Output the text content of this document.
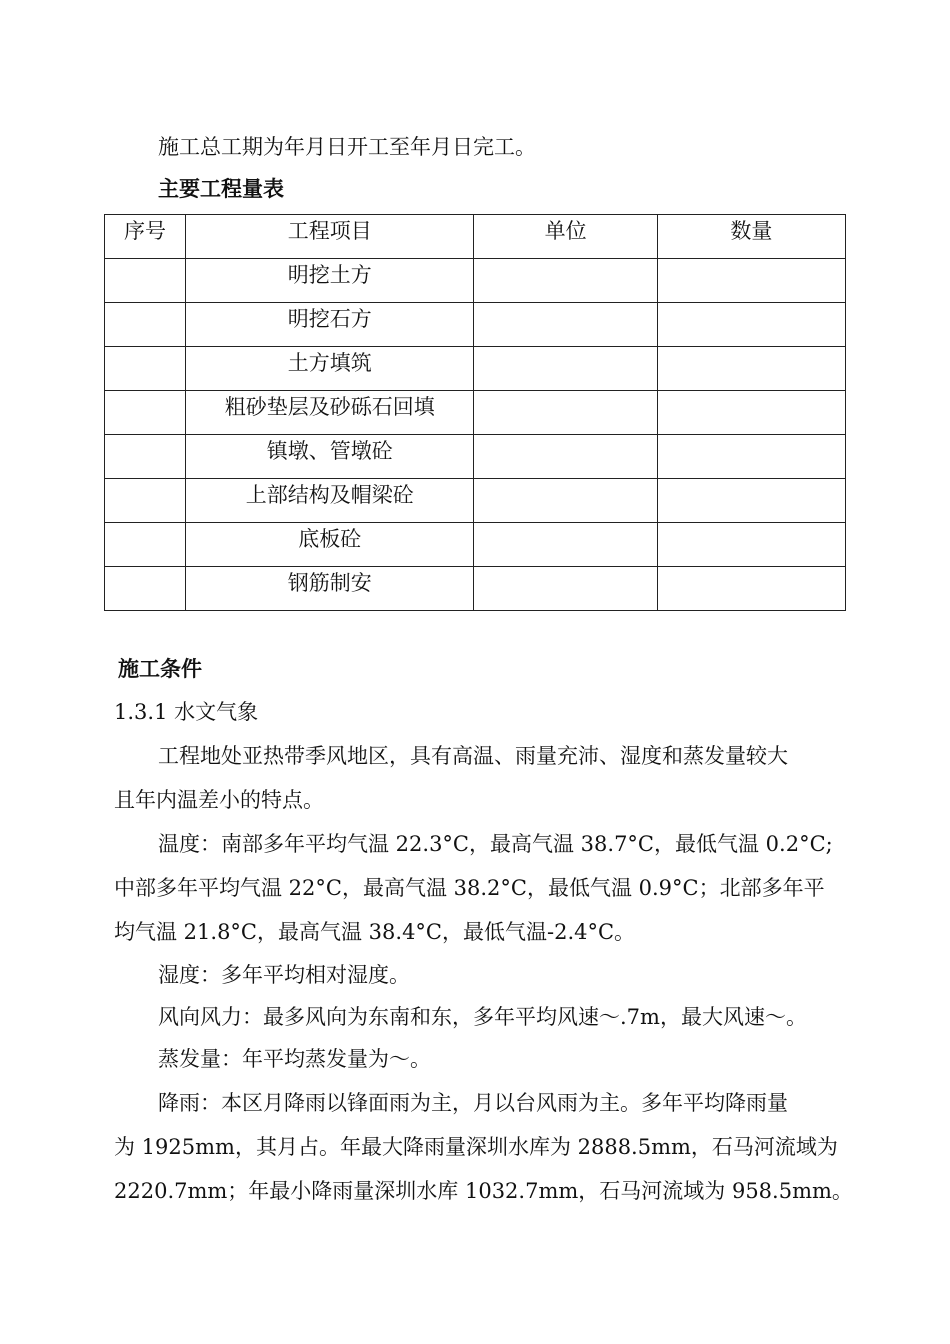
施工总工期为年月日开工至年月日完工。
主要工程量表
序号	工程项目	单位	数量
	明挖土方		
	明挖石方		
	土方填筑		
	粗砂垫层及砂砾石回填		
	镇墩、管墩砼		
	上部结构及帽梁砼		
	底板砼		
	钢筋制安		
施工条件
1.3.1 水文气象
工程地处亚热带季风地区，具有高温、雨量充沛、湿度和蒸发量较大
且年内温差小的特点。
温度：南部多年平均气温 22.3°C，最高气温 38.7°C，最低气温 0.2°C;
中部多年平均气温 22°C，最高气温 38.2°C，最低气温 0.9°C；北部多年平
均气温 21.8°C，最高气温 38.4°C，最低气温-2.4°C。
湿度：多年平均相对湿度。
风向风力：最多风向为东南和东，多年平均风速～.7m，最大风速～。
蒸发量：年平均蒸发量为～。
降雨：本区月降雨以锋面雨为主，月以台风雨为主。多年平均降雨量
为 1925mm，其月占。年最大降雨量深圳水库为 2888.5mm，石马河流域为
2220.7mm；年最小降雨量深圳水库 1032.7mm，石马河流域为 958.5mm。
